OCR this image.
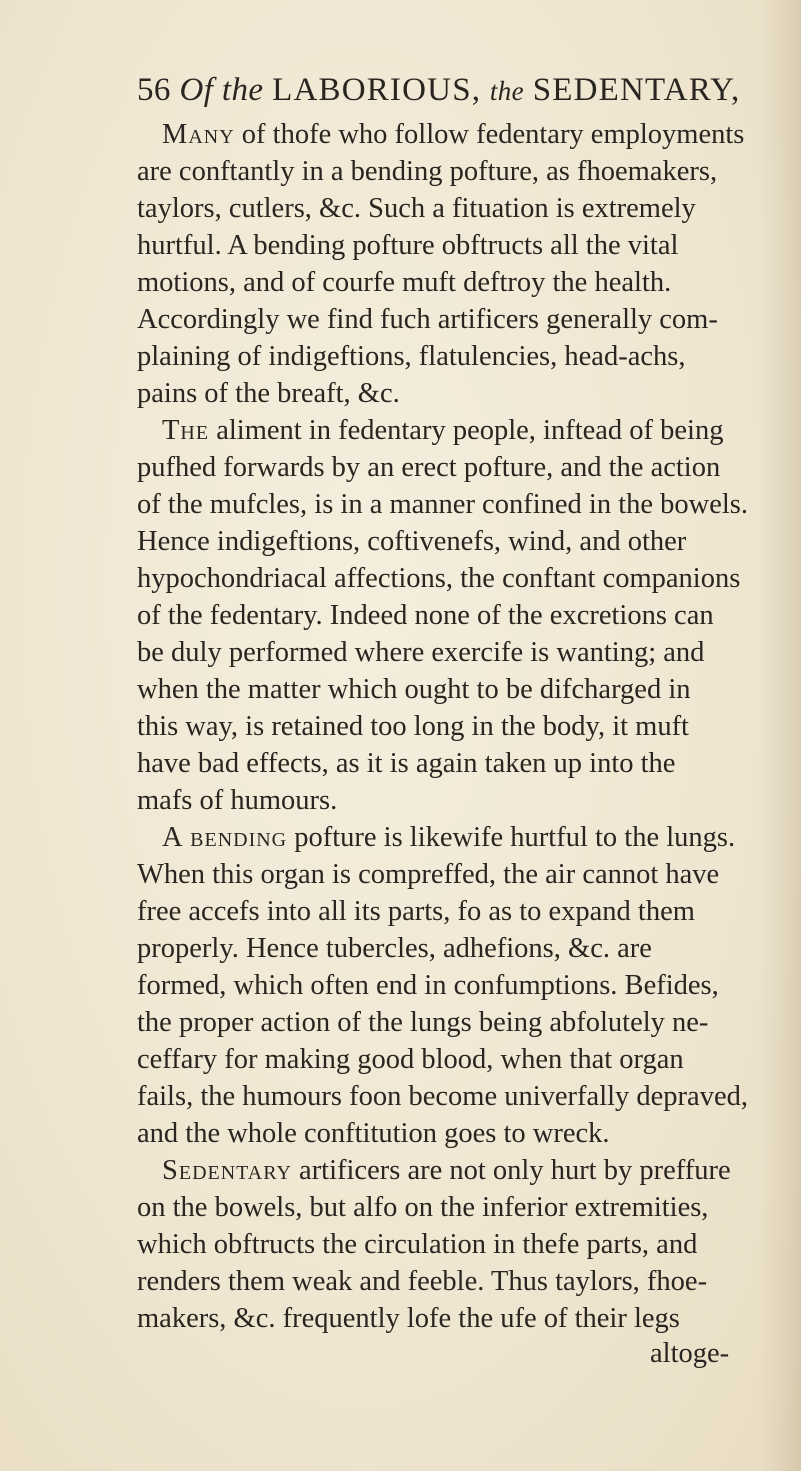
56 Of the LABORIOUS, the SEDENTARY,
Many of thofe who follow fedentary employments
are conftantly in a bending pofture, as fhoemakers,
taylors, cutlers, &c. Such a fituation is extremely
hurtful. A bending pofture obftructs all the vital
motions, and of courfe muft deftroy the health.
Accordingly we find fuch artificers generally com-
plaining of indigeftions, flatulencies, head-achs,
pains of the breaft, &c.
The aliment in fedentary people, inftead of being
pufhed forwards by an erect pofture, and the action
of the mufcles, is in a manner confined in the bowels.
Hence indigeftions, coftivenefs, wind, and other
hypochondriacal affections, the conftant companions
of the fedentary. Indeed none of the excretions can
be duly performed where exercife is wanting; and
when the matter which ought to be difcharged in
this way, is retained too long in the body, it muft
have bad effects, as it is again taken up into the
mafs of humours.
A bending pofture is likewife hurtful to the lungs.
When this organ is compreffed, the air cannot have
free accefs into all its parts, fo as to expand them
properly. Hence tubercles, adhefions, &c. are
formed, which often end in confumptions. Befides,
the proper action of the lungs being abfolutely ne-
ceffary for making good blood, when that organ
fails, the humours foon become univerfally depraved,
and the whole conftitution goes to wreck.
Sedentary artificers are not only hurt by preffure
on the bowels, but alfo on the inferior extremities,
which obftructs the circulation in thefe parts, and
renders them weak and feeble. Thus taylors, fhoe-
makers, &c. frequently lofe the ufe of their legs
altoge-
